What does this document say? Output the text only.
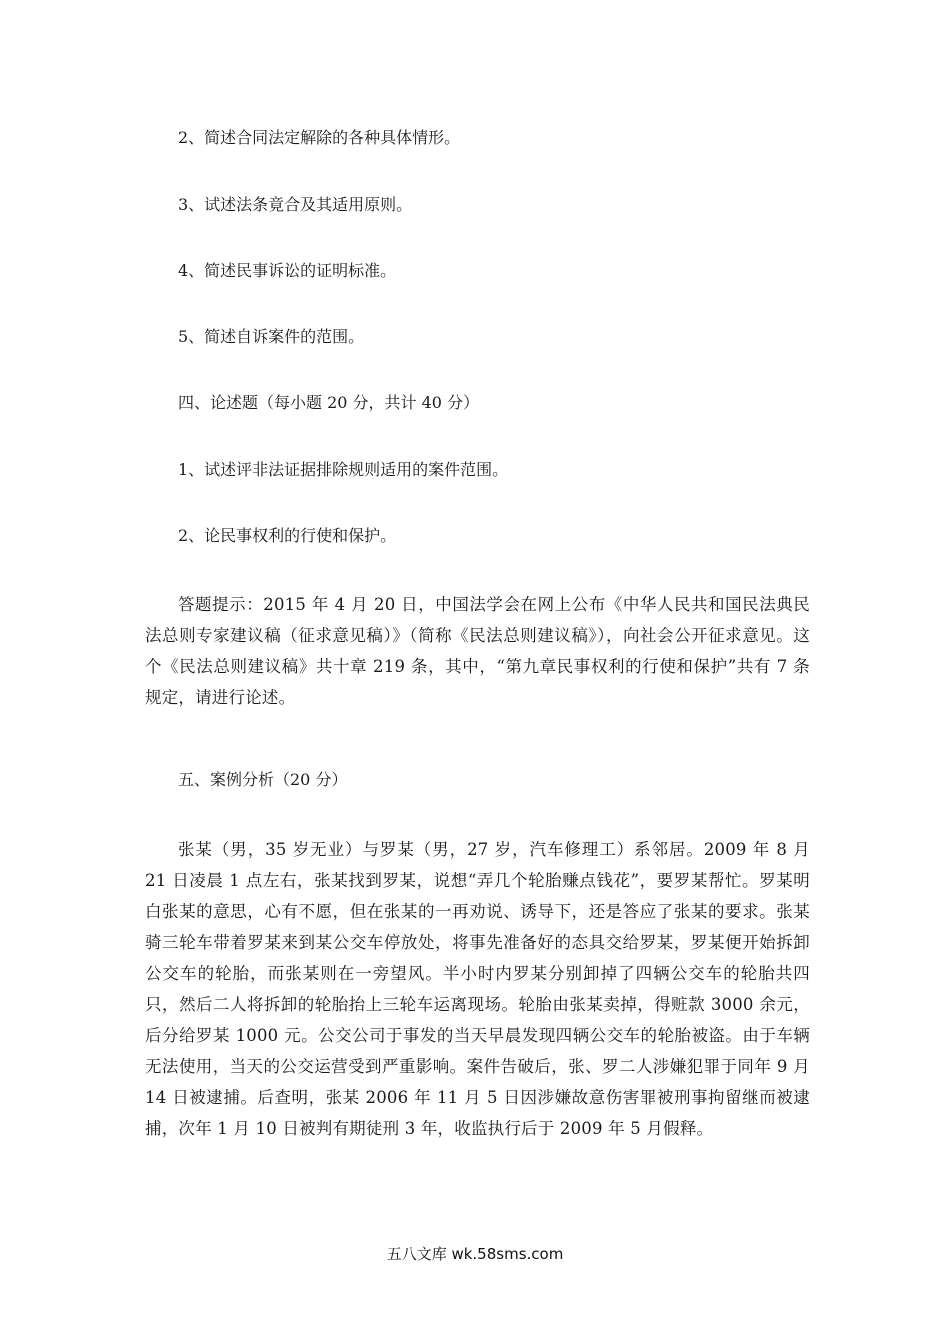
2、简述合同法定解除的各种具体情形。
3、试述法条竟合及其适用原则。
4、简述民事诉讼的证明标准。
5、简述自诉案件的范围。
四、论述题（每小题 20 分，共计 40 分）
1、试述评非法证据排除规则适用的案件范围。
2、论民事权利的行使和保护。
答题提示：2015 年 4 月 20 日，中国法学会在网上公布《中华人民共和国民法典民法总则专家建议稿（征求意见稿）》（简称《民法总则建议稿》），向社会公开征求意见。这个《民法总则建议稿》共十章 219 条，其中，“第九章民事权利的行使和保护”共有 7 条规定，请进行论述。
五、案例分析（20 分）
张某（男，35 岁无业）与罗某（男，27 岁，汽车修理工）系邻居。2009 年 8 月 21 日凌晨 1 点左右，张某找到罗某，说想“弄几个轮胎赚点钱花”，要罗某帮忙。罗某明白张某的意思，心有不愿，但在张某的一再劝说、诱导下，还是答应了张某的要求。张某骑三轮车带着罗某来到某公交车停放处，将事先准备好的态具交给罗某，罗某便开始拆卸公交车的轮胎，而张某则在一旁望风。半小时内罗某分别卸掉了四辆公交车的轮胎共四只，然后二人将拆卸的轮胎抬上三轮车运离现场。轮胎由张某卖掉，得赃款 3000 余元，后分给罗某 1000 元。公交公司于事发的当天早晨发现四辆公交车的轮胎被盗。由于车辆无法使用，当天的公交运营受到严重影响。案件告破后，张、罗二人涉嫌犯罪于同年 9 月 14 日被逮捕。后查明，张某 2006 年 11 月 5 日因涉嫌故意伤害罪被刑事拘留继而被逮捕，次年 1 月 10 日被判有期徒刑 3 年，收监执行后于 2009 年 5 月假释。
五八文库 wk.58sms.com
